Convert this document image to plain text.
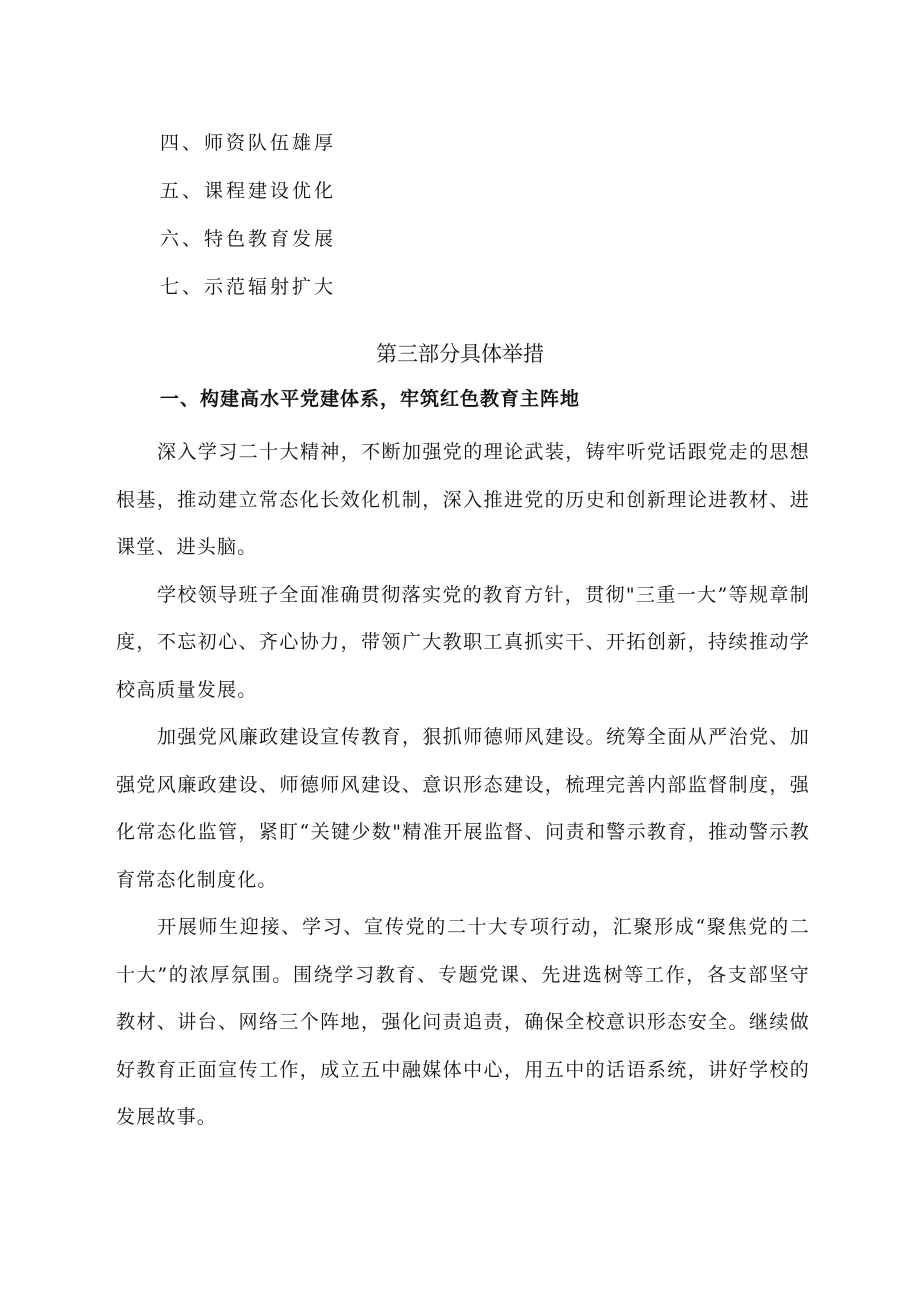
四、师资队伍雄厚
五、课程建设优化
六、特色教育发展
七、示范辐射扩大
第三部分具体举措
一、构建高水平党建体系，牢筑红色教育主阵地

深入学习二十大精神，不断加强党的理论武装，铸牢听党话跟党走的思想根基，推动建立常态化长效化机制，深入推进党的历史和创新理论进教材、进课堂、进头脑。

学校领导班子全面准确贯彻落实党的教育方针，贯彻"三重一大”等规章制度，不忘初心、齐心协力，带领广大教职工真抓实干、开拓创新，持续推动学校高质量发展。

加强党风廉政建设宣传教育，狠抓师德师风建设。统筹全面从严治党、加强党风廉政建设、师德师风建设、意识形态建设，梳理完善内部监督制度，强化常态化监管，紧盯“关键少数"精准开展监督、问责和警示教育，推动警示教育常态化制度化。

开展师生迎接、学习、宣传党的二十大专项行动，汇聚形成“聚焦党的二十大”的浓厚氛围。围绕学习教育、专题党课、先进选树等工作，各支部坚守教材、讲台、网络三个阵地，强化问责追责，确保全校意识形态安全。继续做好教育正面宣传工作，成立五中融媒体中心，用五中的话语系统，讲好学校的发展故事。
